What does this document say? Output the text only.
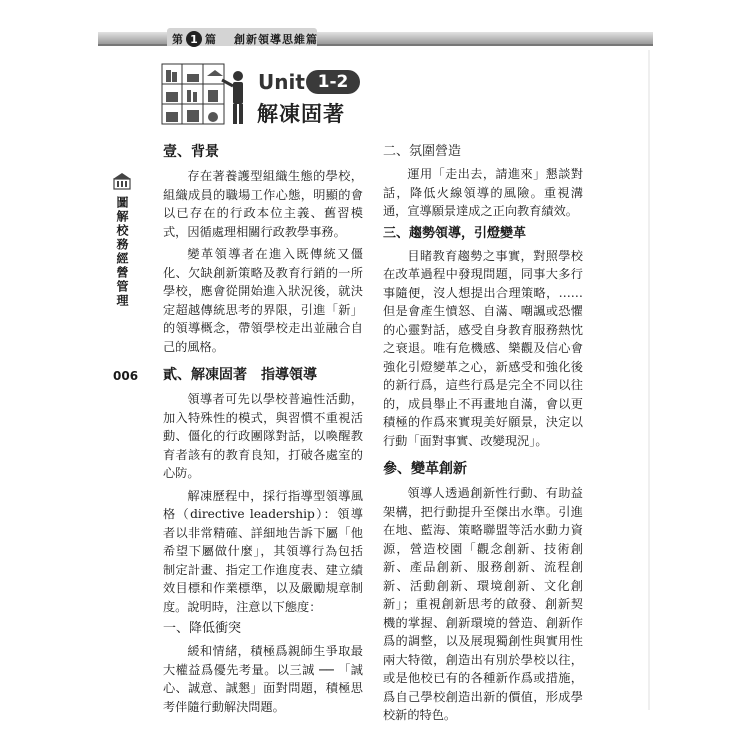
第 1 篇 創新領導思維篇
Unit 1-2
解凍固著
圖解校務經營管理
006
壹、背景
存在著養護型組織生態的學校，組織成員的職場工作心態，明顯的會以已存在的行政本位主義、舊習模式，因循處理相關行政教學事務。
變革領導者在進入既傳統又僵化、欠缺創新策略及教育行銷的一所學校，應會從開始進入狀況後，就決定超越傳統思考的界限，引進「新」的領導概念，帶領學校走出並融合自己的風格。
貳、解凍固著　指導領導
領導者可先以學校普遍性活動，加入特殊性的模式，與習慣不重視活動、僵化的行政團隊對話，以喚醒教育者該有的教育良知，打破各處室的心防。
解凍歷程中，採行指導型領導風格（directive leadership）：領導者以非常精確、詳細地告訴下屬「他希望下屬做什麼」，其領導行為包括制定計畫、指定工作進度表、建立績效目標和作業標準，以及嚴勵規章制度。說明時，注意以下態度：
一、降低衝突
緩和情緒，積極爲親師生爭取最大權益爲優先考量。以三誠 ── 「誠心、誠意、誠懇」面對問題，積極思考伴隨行動解決問題。
二、氛圍營造
運用「走出去，請進來」懇談對話，降低火線領導的風險。重視溝通，宣導願景達成之正向教育績效。
三、趨勢領導，引燈變革
目睹教育趨勢之事實，對照學校在改革過程中發現問題，同事大多行事隨便，沒人想提出合理策略，……但是會產生憤怒、自滿、嘲諷或恐懼的心靈對話，感受自身教育服務熱忱之衰退。唯有危機感、樂觀及信心會強化引燈變革之心，新感受和強化後的新行爲，這些行爲是完全不同以往的，成員舉止不再畫地自滿，會以更積極的作爲來實現美好願景，決定以行動「面對事實、改變現況」。
參、變革創新
領導人透過創新性行動、有助益架構，把行動提升至傑出水準。引進在地、藍海、策略聯盟等活水動力資源，營造校園「觀念創新、技術創新、產品創新、服務創新、流程創新、活動創新、環境創新、文化創新」；重視創新思考的啟發、創新契機的掌握、創新環境的營造、創新作爲的調整，以及展現獨創性與實用性兩大特徵，創造出有別於學校以往，或是他校已有的各種新作爲或措施，爲自己學校創造出新的價值，形成學校新的特色。
